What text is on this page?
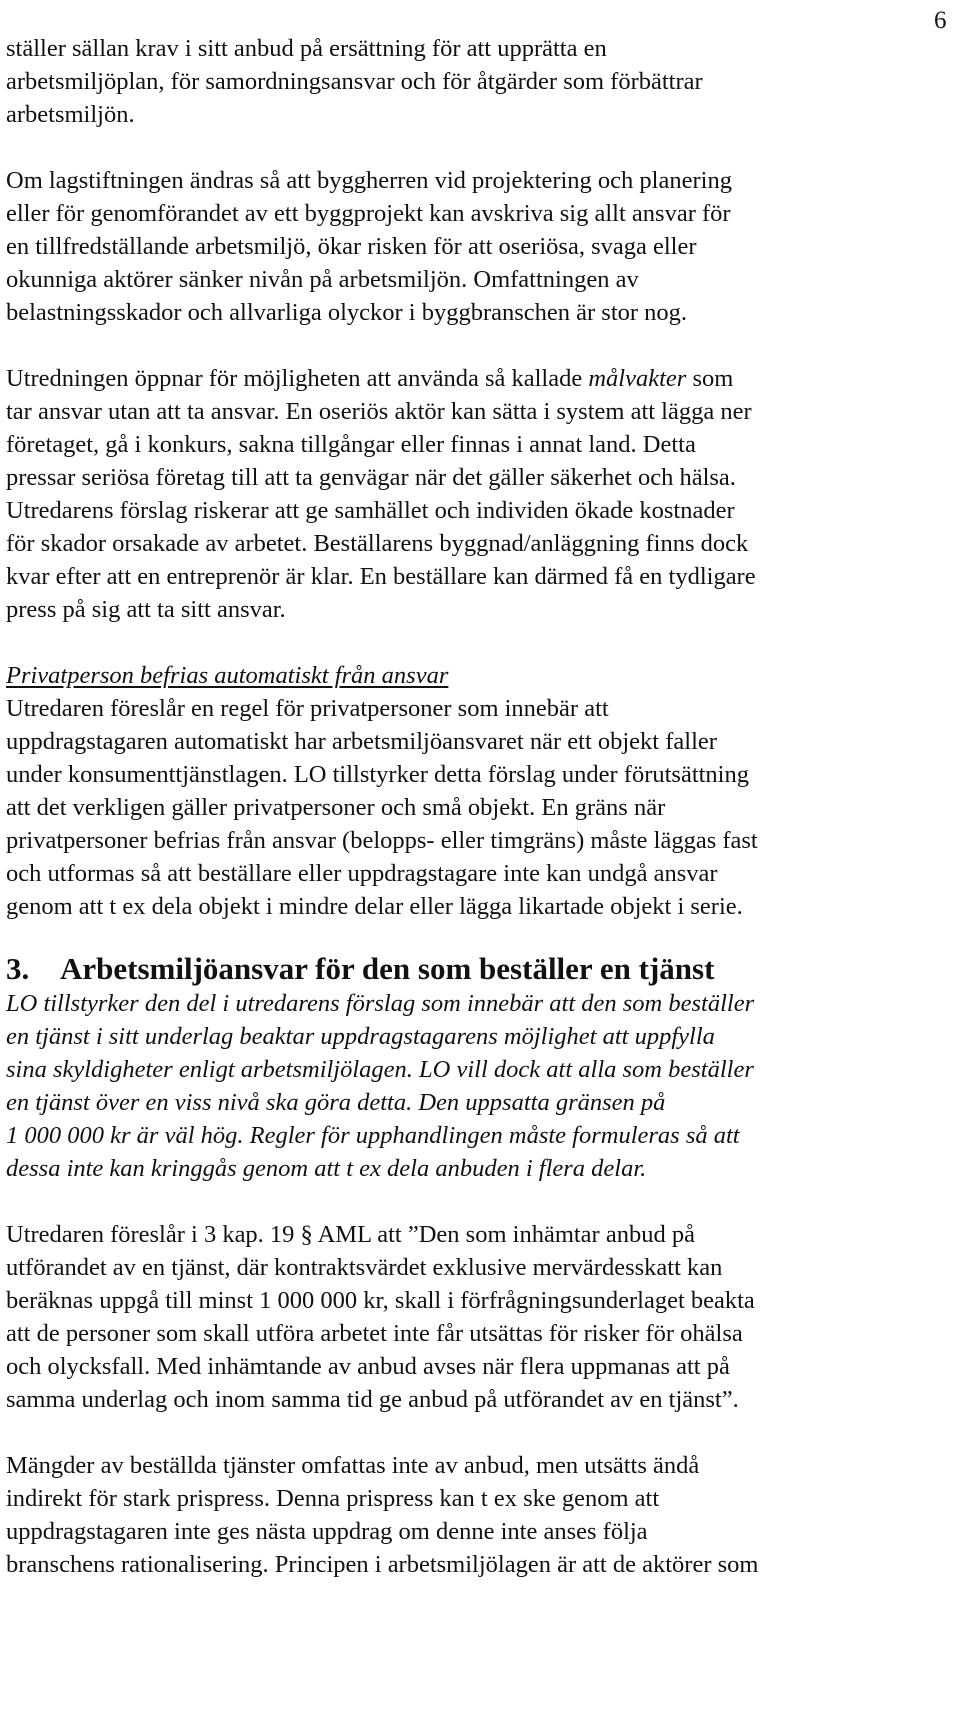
6

ställer sällan krav i sitt anbud på ersättning för att upprätta en
arbetsmiljöplan, för samordningsansvar och för åtgärder som förbättrar
arbetsmiljön.

Om lagstiftningen ändras så att byggherren vid projektering och planering
eller för genomförandet av ett byggprojekt kan avskriva sig allt ansvar för
en tillfredställande arbetsmiljö, ökar risken för att oseriösa, svaga eller
okunniga aktörer sänker nivån på arbetsmiljön. Omfattningen av
belastningsskador och allvarliga olyckor i byggbranschen är stor nog.

Utredningen öppnar för möjligheten att använda så kallade målvakter som
tar ansvar utan att ta ansvar. En oseriös aktör kan sätta i system att lägga ner
företaget, gå i konkurs, sakna tillgångar eller finnas i annat land. Detta
pressar seriösa företag till att ta genvägar när det gäller säkerhet och hälsa.
Utredarens förslag riskerar att ge samhället och individen ökade kostnader
för skador orsakade av arbetet. Beställarens byggnad/anläggning finns dock
kvar efter att en entreprenör är klar. En beställare kan därmed få en tydligare
press på sig att ta sitt ansvar.

Privatperson befrias automatiskt från ansvar

Utredaren föreslår en regel för privatpersoner som innebär att
uppdragstagaren automatiskt har arbetsmiljöansvaret när ett objekt faller
under konsumenttjänstlagen. LO tillstyrker detta förslag under förutsättning
att det verkligen gäller privatpersoner och små objekt. En gräns när
privatpersoner befrias från ansvar (belopps- eller timgräns) måste läggas fast
och utformas så att beställare eller uppdragstagare inte kan undgå ansvar
genom att t ex dela objekt i mindre delar eller lägga likartade objekt i serie.

3. Arbetsmiljöansvar för den som beställer en tjänst

LO tillstyrker den del i utredarens förslag som innebär att den som beställer
en tjänst i sitt underlag beaktar uppdragstagarens möjlighet att uppfylla
sina skyldigheter enligt arbetsmiljölagen. LO vill dock att alla som beställer
en tjänst över en viss nivå ska göra detta. Den uppsatta gränsen på
1 000 000 kr är väl hög. Regler för upphandlingen måste formuleras så att
dessa inte kan kringgås genom att t ex dela anbuden i flera delar.

Utredaren föreslår i 3 kap. 19 § AML att ”Den som inhämtar anbud på
utförandet av en tjänst, där kontraktsvärdet exklusive mervärdesskatt kan
beräknas uppgå till minst 1 000 000 kr, skall i förfrågningsunderlaget beakta
att de personer som skall utföra arbetet inte får utsättas för risker för ohälsa
och olycksfall. Med inhämtande av anbud avses när flera uppmanas att på
samma underlag och inom samma tid ge anbud på utförandet av en tjänst”.

Mängder av beställda tjänster omfattas inte av anbud, men utsätts ändå
indirekt för stark prispress. Denna prispress kan t ex ske genom att
uppdragstagaren inte ges nästa uppdrag om denne inte anses följa
branschens rationalisering. Principen i arbetsmiljölagen är att de aktörer som
